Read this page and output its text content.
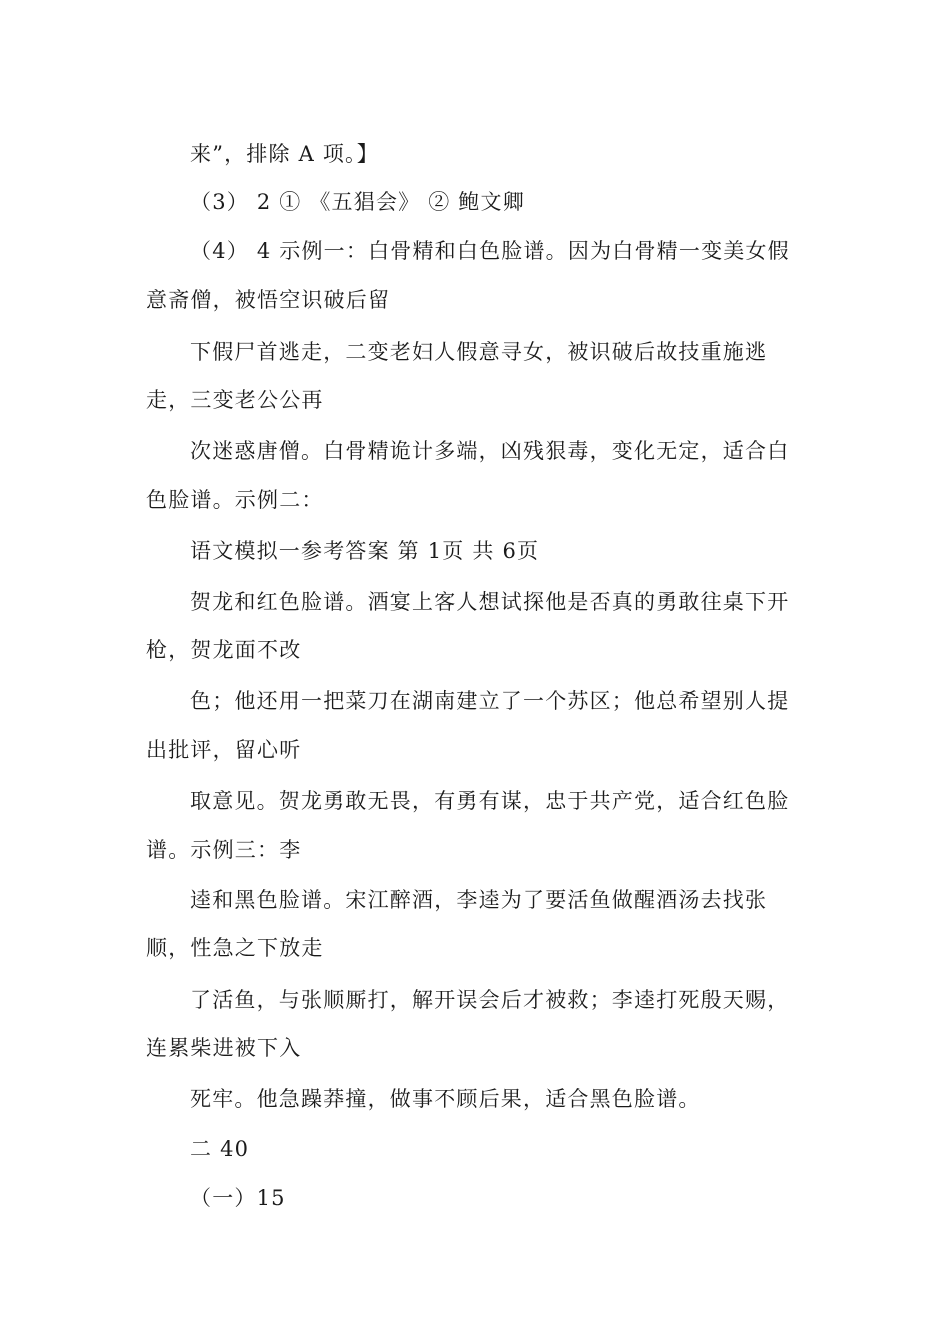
来”，排除 A 项。】
（3） 2 ① 《五猖会》 ② 鲍文卿
（4） 4 示例一：白骨精和白色脸谱。因为白骨精一变美女假
意斋僧，被悟空识破后留
下假尸首逃走，二变老妇人假意寻女，被识破后故技重施逃
走，三变老公公再
次迷惑唐僧。白骨精诡计多端，凶残狠毒，变化无定，适合白
色脸谱。示例二：
语文模拟一参考答案 第 1页 共 6页
贺龙和红色脸谱。酒宴上客人想试探他是否真的勇敢往桌下开
枪，贺龙面不改
色；他还用一把菜刀在湖南建立了一个苏区；他总希望别人提
出批评，留心听
取意见。贺龙勇敢无畏，有勇有谋，忠于共产党，适合红色脸
谱。示例三：李
逵和黑色脸谱。宋江醉酒，李逵为了要活鱼做醒酒汤去找张
顺，性急之下放走
了活鱼，与张顺厮打，解开误会后才被救；李逵打死殷天赐，
连累柴进被下入
死牢。他急躁莽撞，做事不顾后果，适合黑色脸谱。
二 40
（一）15
